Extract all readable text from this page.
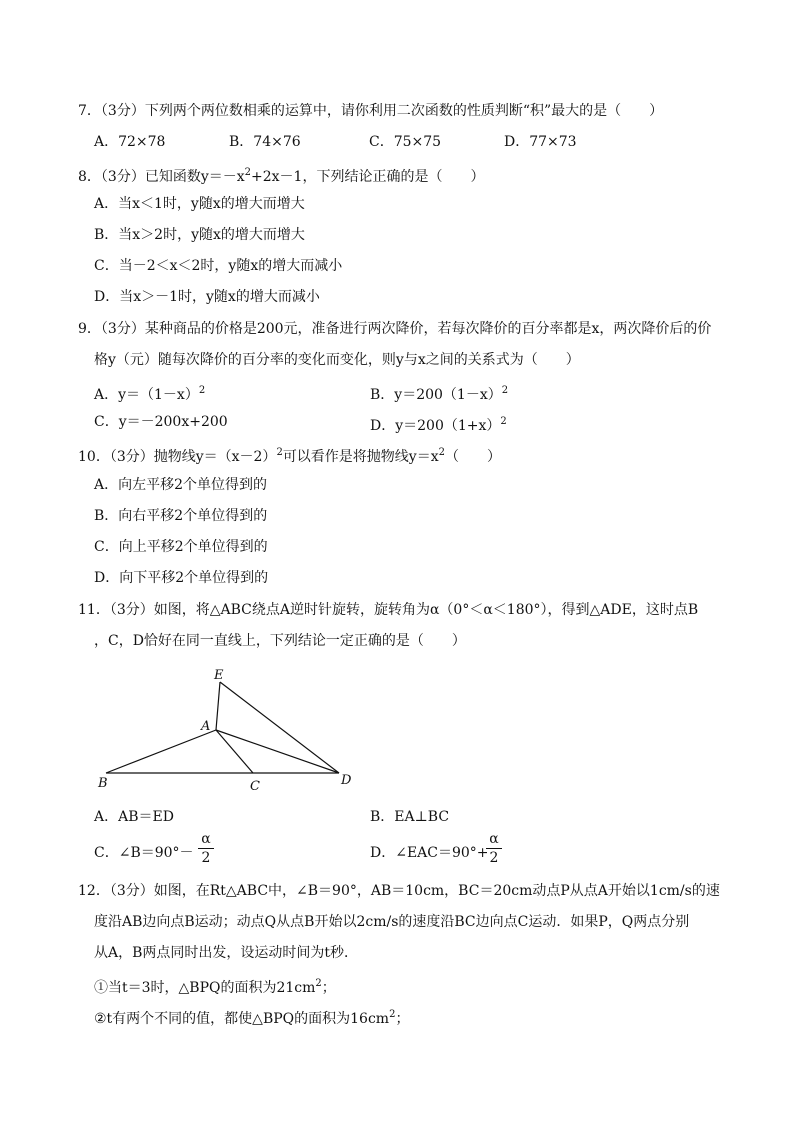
7．（3分）下列两个两位数相乘的运算中，请你利用二次函数的性质判断“积”最大的是（　　）
A．72×78	B．74×76	C．75×75	D．77×73
8．（3分）已知函数$y=-x^2+2x-1$，下列结论正确的是（　　）
A．当x＜1时，y随x的增大而增大
B．当x＞2时，y随x的增大而增大
C．当－2＜x＜2时，y随x的增大而减小
D．当x＞－1时，y随x的增大而减小
9．（3分）某种商品的价格是200元，准备进行两次降价，若每次降价的百分率都是x，两次降价后的价
格y（元）随每次降价的百分率的变化而变化，则y与x之间的关系式为（　　）
A．$y=(1-x)^2$	B．$y=200(1-x)^2$
C．y＝－200x+200	D．$y=200(1+x)^2$
10．（3分）抛物线$y=(x-2)^2$可以看作是将抛物线$y=x^2$（　　）
A．向左平移2个单位得到的
B．向右平移2个单位得到的
C．向上平移2个单位得到的
D．向下平移2个单位得到的
11．（3分）如图，将△ABC绕点A逆时针旋转，旋转角为α（0°＜α＜180°），得到△ADE，这时点B
，C，D恰好在同一直线上，下列结论一定正确的是（　　）
E
A
B	C	D
A．AB＝ED	B．EA⊥BC
C．∠B＝90°－
α
2	D．∠EAC＝90°+
α
2
12．（3分）如图，在Rt△ABC中，∠B＝90°，AB＝10cm，BC＝20cm动点P从点A开始以1cm/s的速
度沿AB边向点B运动；动点Q从点B开始以2cm/s的速度沿BC边向点C运动．如果P，Q两点分别
从A，B两点同时出发，设运动时间为t秒．
①当t＝3时，△BPQ的面积为$21cm^2$；
②t有两个不同的值，都使△BPQ的面积为$16cm^2$；
